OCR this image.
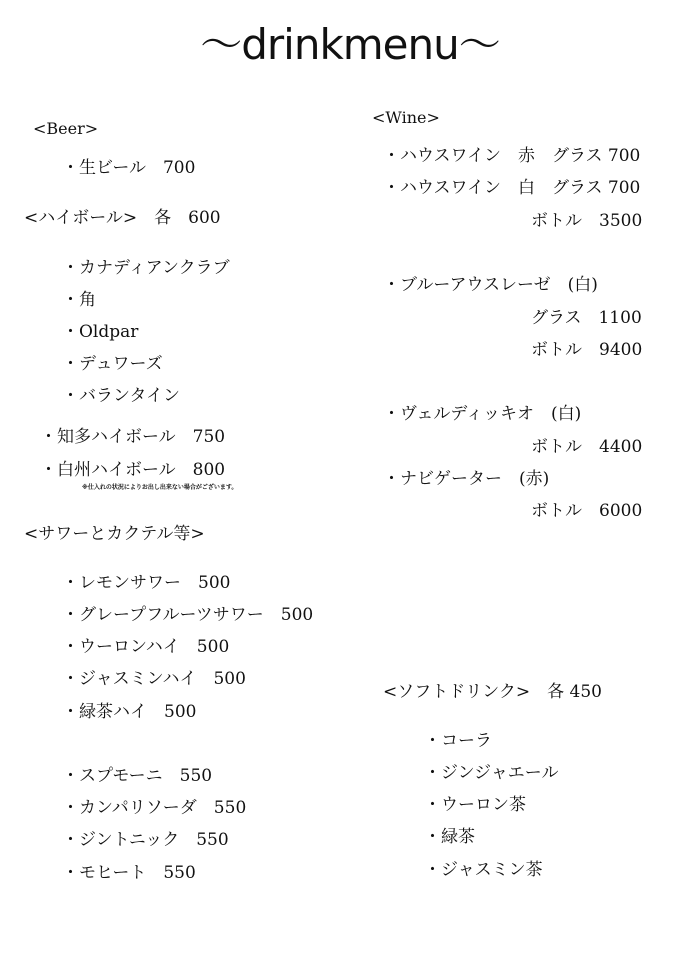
～drinkmenu～
<Beer>
・生ビール　700
<ハイボール>　各　600
・カナディアンクラブ
・角
・Oldpar
・デュワーズ
・バランタイン
・知多ハイボール　750
・白州ハイボール　800
※仕入れの状況によりお出し出来ない場合がございます。
<サワーとカクテル等>
・レモンサワー　500
・グレープフルーツサワー　500
・ウーロンハイ　500
・ジャスミンハイ　500
・緑茶ハイ　500
・スプモーニ　550
・カンパリソーダ　550
・ジントニック　550
・モヒート　550
<Wine>
・ハウスワイン　赤　グラス 700
・ハウスワイン　白　グラス 700
ボトル　3500
・ブルーアウスレーゼ　(白)
グラス　1100
ボトル　9400
・ヴェルディッキオ　(白)
ボトル　4400
・ナビゲーター　(赤)
ボトル　6000
<ソフトドリンク>　各 450
・コーラ
・ジンジャエール
・ウーロン茶
・緑茶
・ジャスミン茶
